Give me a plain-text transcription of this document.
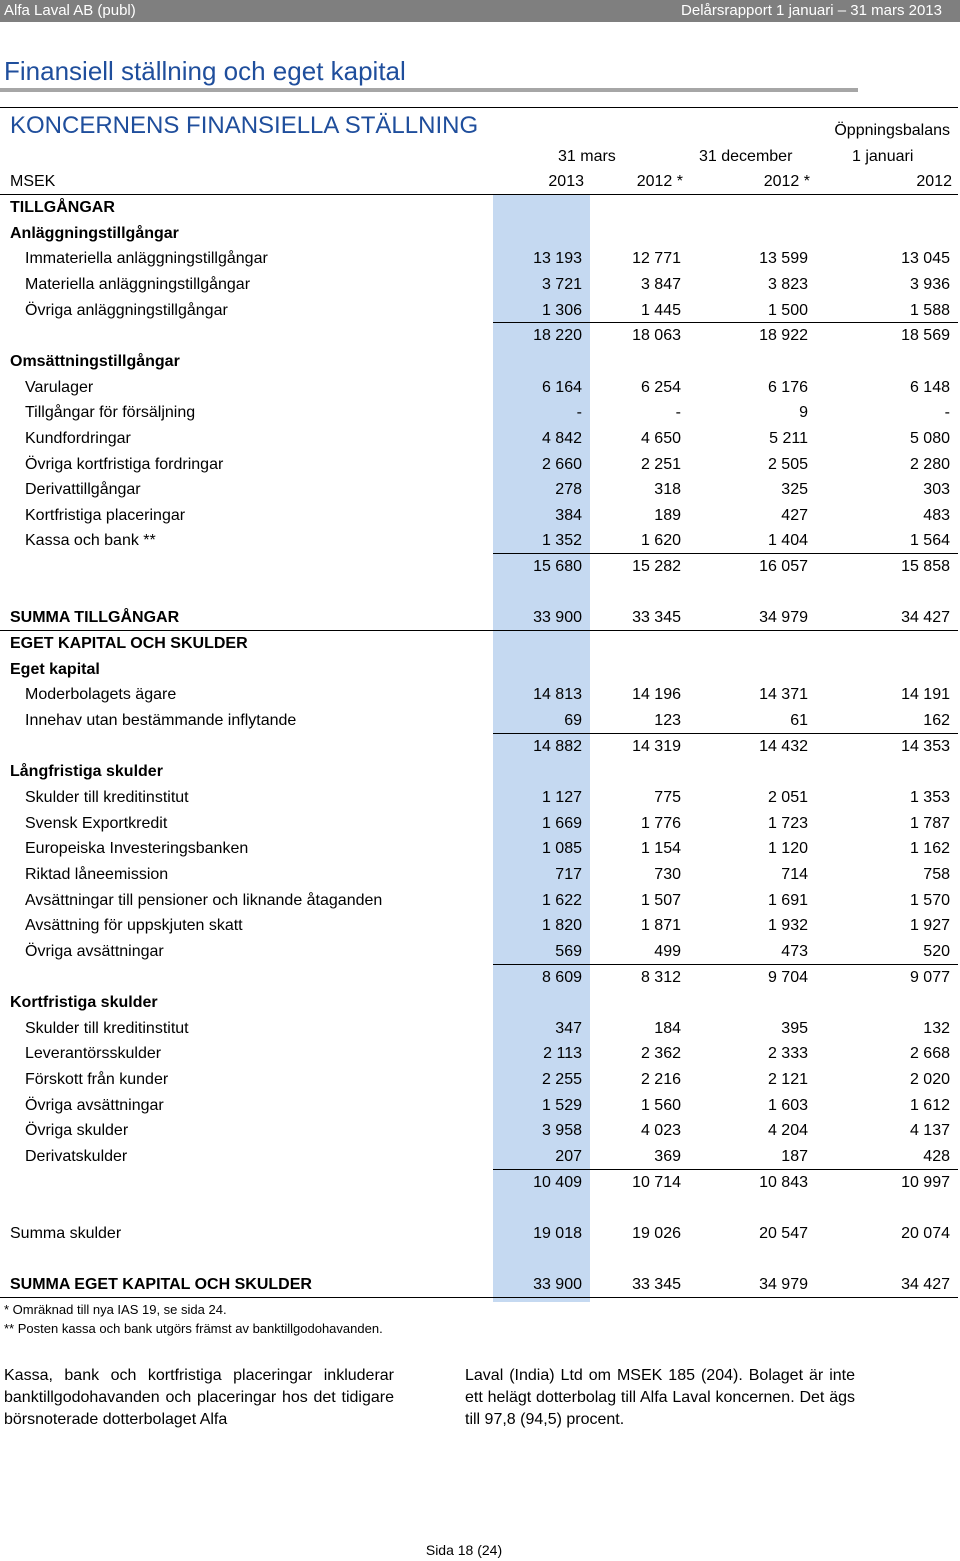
Alfa Laval AB (publ)	Delårsrapport 1 januari – 31 mars 2013
Finansiell ställning och eget kapital
KONCERNENS FINANSIELLA STÄLLNING	Öppningsbalans
31 mars	31 december	1 januari
MSEK	2013	2012 *	2012 *	2012
TILLGÅNGAR
Anläggningstillgångar
Immateriella anläggningstillgångar	13 193	12 771	13 599	13 045
Materiella anläggningstillgångar	3 721	3 847	3 823	3 936
Övriga anläggningstillgångar	1 306	1 445	1 500	1 588
18 220	18 063	18 922	18 569
Omsättningstillgångar
Varulager	6 164	6 254	6 176	6 148
Tillgångar för försäljning	-	-	9	-
Kundfordringar	4 842	4 650	5 211	5 080
Övriga kortfristiga fordringar	2 660	2 251	2 505	2 280
Derivattillgångar	278	318	325	303
Kortfristiga placeringar	384	189	427	483
Kassa och bank **	1 352	1 620	1 404	1 564
15 680	15 282	16 057	15 858
SUMMA TILLGÅNGAR	33 900	33 345	34 979	34 427
EGET KAPITAL OCH SKULDER
Eget kapital
Moderbolagets ägare	14 813	14 196	14 371	14 191
Innehav utan bestämmande inflytande	69	123	61	162
14 882	14 319	14 432	14 353
Långfristiga skulder
Skulder till kreditinstitut	1 127	775	2 051	1 353
Svensk Exportkredit	1 669	1 776	1 723	1 787
Europeiska Investeringsbanken	1 085	1 154	1 120	1 162
Riktad låneemission	717	730	714	758
Avsättningar till pensioner och liknande åtaganden	1 622	1 507	1 691	1 570
Avsättning för uppskjuten skatt	1 820	1 871	1 932	1 927
Övriga avsättningar	569	499	473	520
8 609	8 312	9 704	9 077
Kortfristiga skulder
Skulder till kreditinstitut	347	184	395	132
Leverantörsskulder	2 113	2 362	2 333	2 668
Förskott från kunder	2 255	2 216	2 121	2 020
Övriga avsättningar	1 529	1 560	1 603	1 612
Övriga skulder	3 958	4 023	4 204	4 137
Derivatskulder	207	369	187	428
10 409	10 714	10 843	10 997
Summa skulder	19 018	19 026	20 547	20 074
SUMMA EGET KAPITAL OCH SKULDER	33 900	33 345	34 979	34 427
* Omräknad till nya IAS 19, se sida 24.
** Posten kassa och bank utgörs främst av banktillgodohavanden.
Kassa, bank och kortfristiga placeringar inkluderar banktillgodohavanden och placeringar hos det tidigare börsnoterade dotterbolaget Alfa
Laval (India) Ltd om MSEK 185 (204). Bolaget är inte ett helägt dotterbolag till Alfa Laval koncernen. Det ägs till 97,8 (94,5) procent.
Sida 18 (24)
